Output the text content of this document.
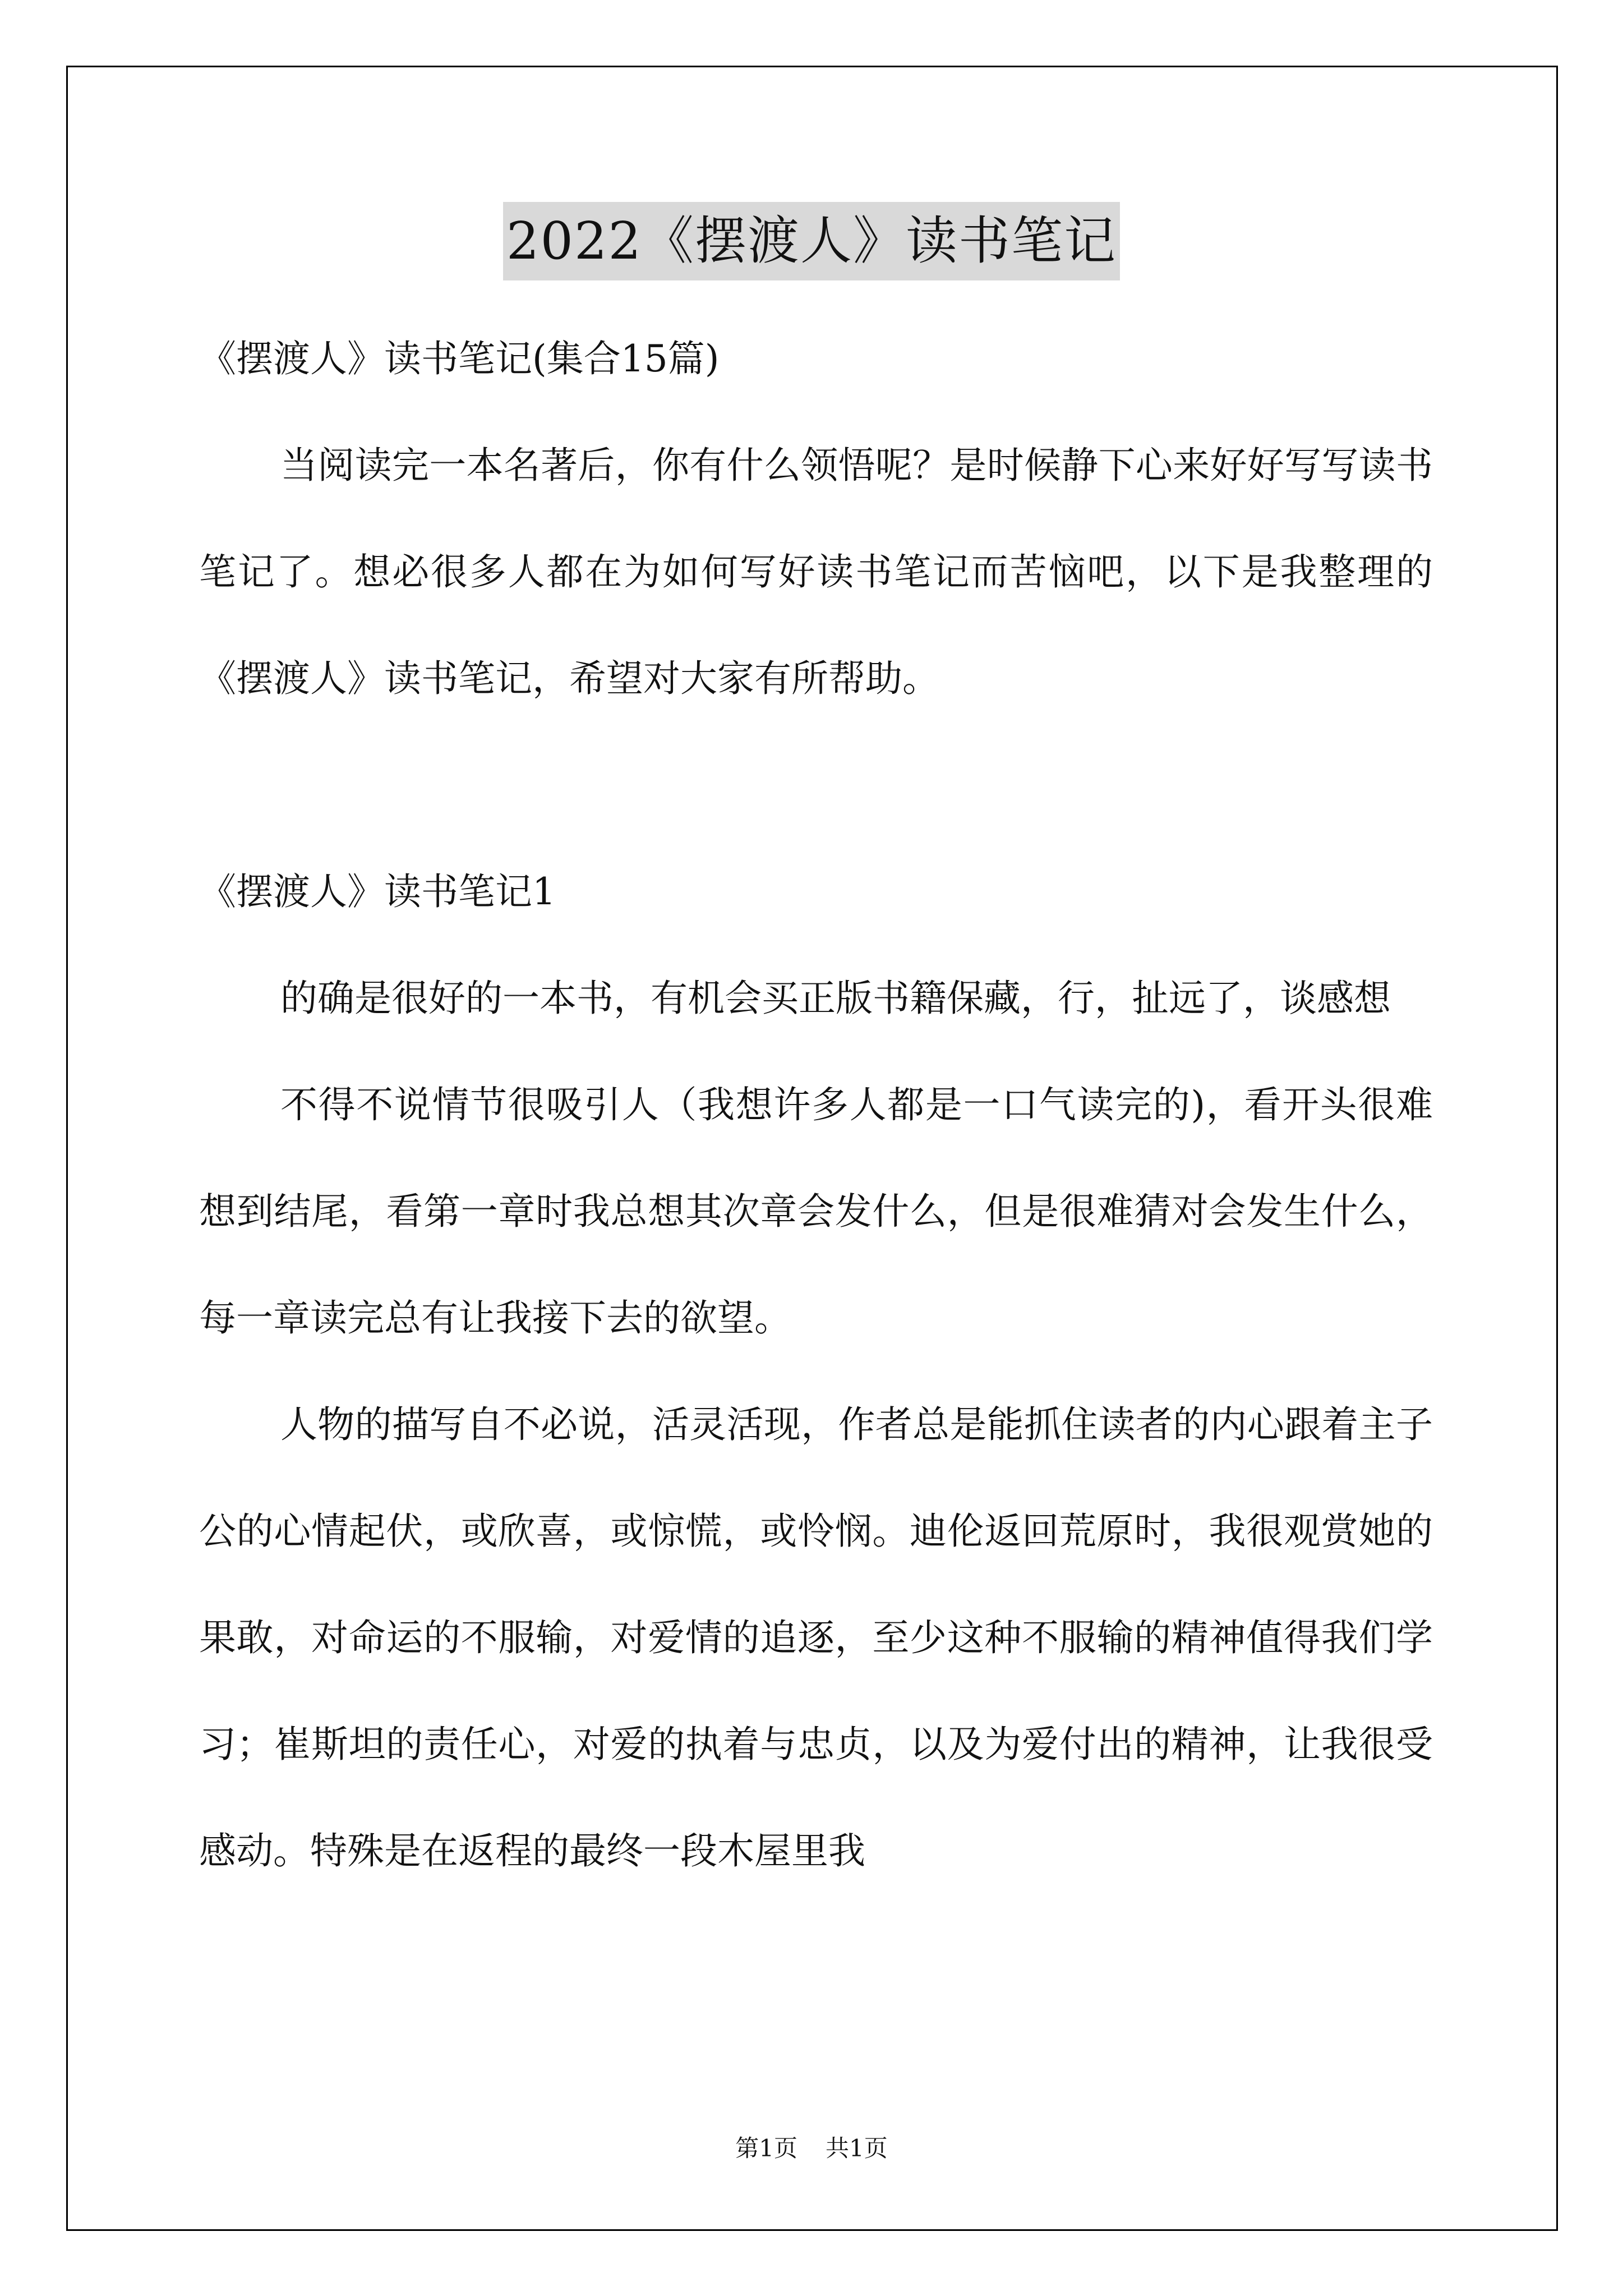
2022《摆渡人》读书笔记

《摆渡人》读书笔记(集合15篇)

当阅读完一本名著后，你有什么领悟呢？是时候静下心来好好写写读书笔记了。想必很多人都在为如何写好读书笔记而苦恼吧，以下是我整理的《摆渡人》读书笔记，希望对大家有所帮助。

《摆渡人》读书笔记1

的确是很好的一本书，有机会买正版书籍保藏，行，扯远了，谈感想

不得不说情节很吸引人（我想许多人都是一口气读完的)，看开头很难想到结尾，看第一章时我总想其次章会发什么，但是很难猜对会发生什么，每一章读完总有让我接下去的欲望。

人物的描写自不必说，活灵活现，作者总是能抓住读者的内心跟着主子公的心情起伏，或欣喜，或惊慌，或怜悯。迪伦返回荒原时，我很观赏她的果敢，对命运的不服输，对爱情的追逐，至少这种不服输的精神值得我们学习；崔斯坦的责任心，对爱的执着与忠贞，以及为爱付出的精神，让我很受感动。特殊是在返程的最终一段木屋里我

第1页 共1页
